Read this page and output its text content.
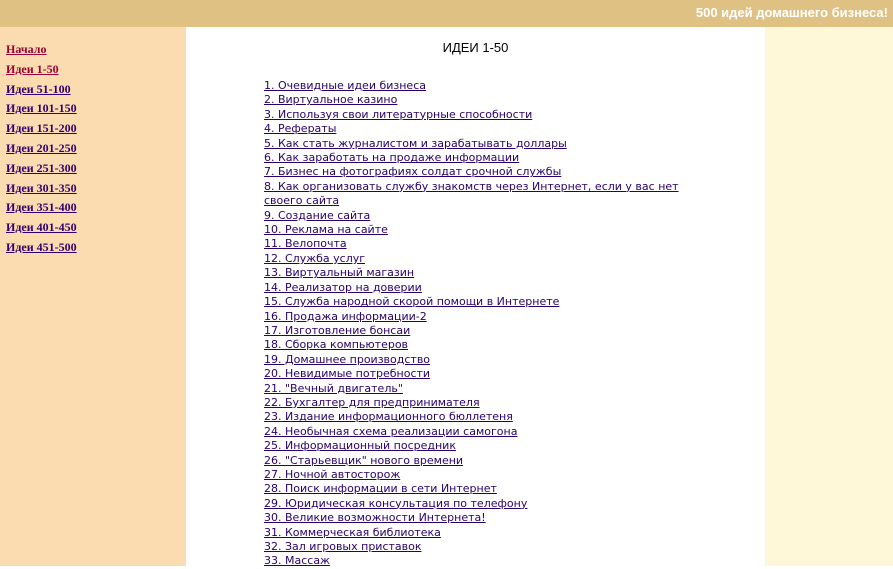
500 идей домашнего бизнеса!
Начало
Идеи 1-50
Идеи 51-100
Идеи 101-150
Идеи 151-200
Идеи 201-250
Идеи 251-300
Идеи 301-350
Идеи 351-400
Идеи 401-450
Идеи 451-500
ИДЕИ 1-50
1. Очевидные идеи бизнеса
2. Виртуальное казино
3. Используя свои литературные способности
4. Рефераты
5. Как стать журналистом и зарабатывать доллары
6. Как заработать на продаже информации
7. Бизнес на фотографиях солдат срочной службы
8. Как организовать службу знакомств через Интернет, если у вас нет своего сайта
9. Создание сайта
10. Реклама на сайте
11. Велопочта
12. Служба услуг
13. Виртуальный магазин
14. Реализатор на доверии
15. Служба народной скорой помощи в Интернете
16. Продажа информации-2
17. Изготовление бонсаи
18. Сборка компьютеров
19. Домашнее производство
20. Невидимые потребности
21. "Вечный двигатель"
22. Бухгалтер для предпринимателя
23. Издание информационного бюллетеня
24. Необычная схема реализации самогона
25. Информационный посредник
26. "Старьевщик" нового времени
27. Ночной автосторож
28. Поиск информации в сети Интернет
29. Юридическая консультация по телефону
30. Великие возможности Интернета!
31. Коммерческая библиотека
32. Зал игровых приставок
33. Массаж
